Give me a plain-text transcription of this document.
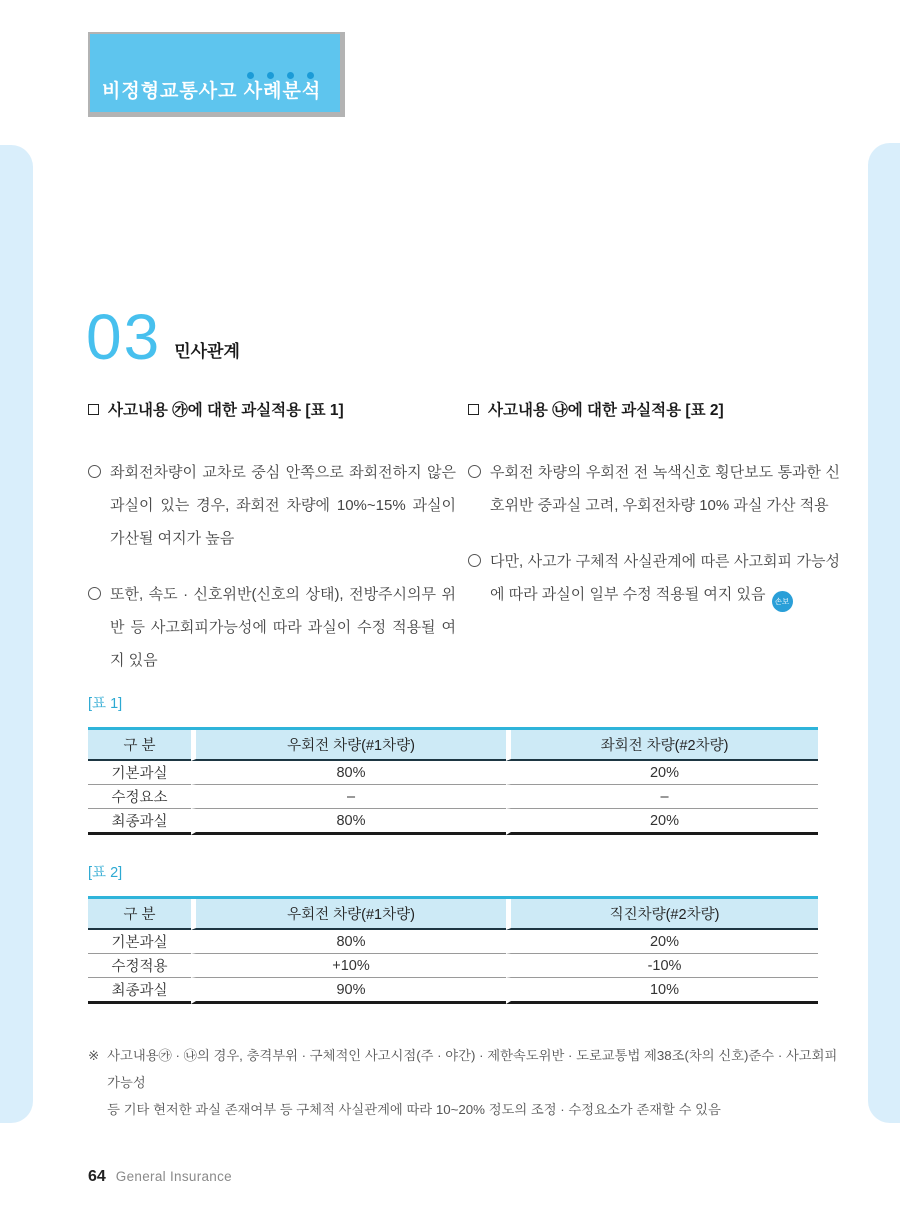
비정형교통사고 사례분석
03 민사관계
사고내용 ㉮에 대한 과실적용 [표 1]
좌회전차량이 교차로 중심 안쪽으로 좌회전하지 않은 과실이 있는 경우, 좌회전 차량에 10%~15% 과실이 가산될 여지가 높음
또한, 속도 · 신호위반(신호의 상태), 전방주시의무 위반 등 사고회피가능성에 따라 과실이 수정 적용될 여지 있음
사고내용 ㉯에 대한 과실적용 [표 2]
우회전 차량의 우회전 전 녹색신호 횡단보도 통과한 신호위반 중과실 고려, 우회전차량 10% 과실 가산 적용
다만, 사고가 구체적 사실관계에 따른 사고회피 가능성에 따라 과실이 일부 수정 적용될 여지 있음 손보
[표 1]
구 분	우회전 차량(#1차량)	좌회전 차량(#2차량)
기본과실	80%	20%
수정요소	–	–
최종과실	80%	20%
[표 2]
구 분	우회전 차량(#1차량)	직진차량(#2차량)
기본과실	80%	20%
수정적용	+10%	-10%
최종과실	90%	10%
※ 사고내용㉮ · ㉯의 경우, 충격부위 · 구체적인 사고시점(주 · 야간) · 제한속도위반 · 도로교통법 제38조(차의 신호)준수 · 사고회피가능성
등 기타 현저한 과실 존재여부 등 구체적 사실관계에 따라 10~20% 정도의 조정 · 수정요소가 존재할 수 있음
64 General Insurance
